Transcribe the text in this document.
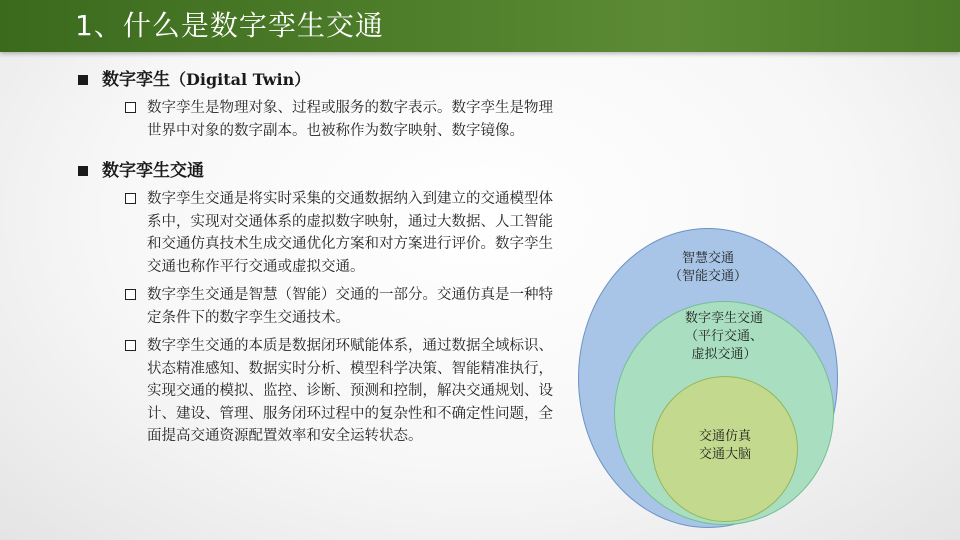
1、什么是数字孪生交通
数字孪生（Digital Twin）
数字孪生是物理对象、过程或服务的数字表示。数字孪生是物理世界中对象的数字副本。也被称作为数字映射、数字镜像。
数字孪生交通
数字孪生交通是将实时采集的交通数据纳入到建立的交通模型体系中，实现对交通体系的虚拟数字映射，通过大数据、人工智能和交通仿真技术生成交通优化方案和对方案进行评价。数字孪生交通也称作平行交通或虚拟交通。
数字孪生交通是智慧（智能）交通的一部分。交通仿真是一种特定条件下的数字孪生交通技术。
数字孪生交通的本质是数据闭环赋能体系，通过数据全域标识、状态精准感知、数据实时分析、模型科学决策、智能精准执行，实现交通的模拟、监控、诊断、预测和控制，解决交通规划、设计、建设、管理、服务闭环过程中的复杂性和不确定性问题，全面提高交通资源配置效率和安全运转状态。
智慧交通
（智能交通）
数字孪生交通
（平行交通、
虚拟交通）
交通仿真
交通大脑
